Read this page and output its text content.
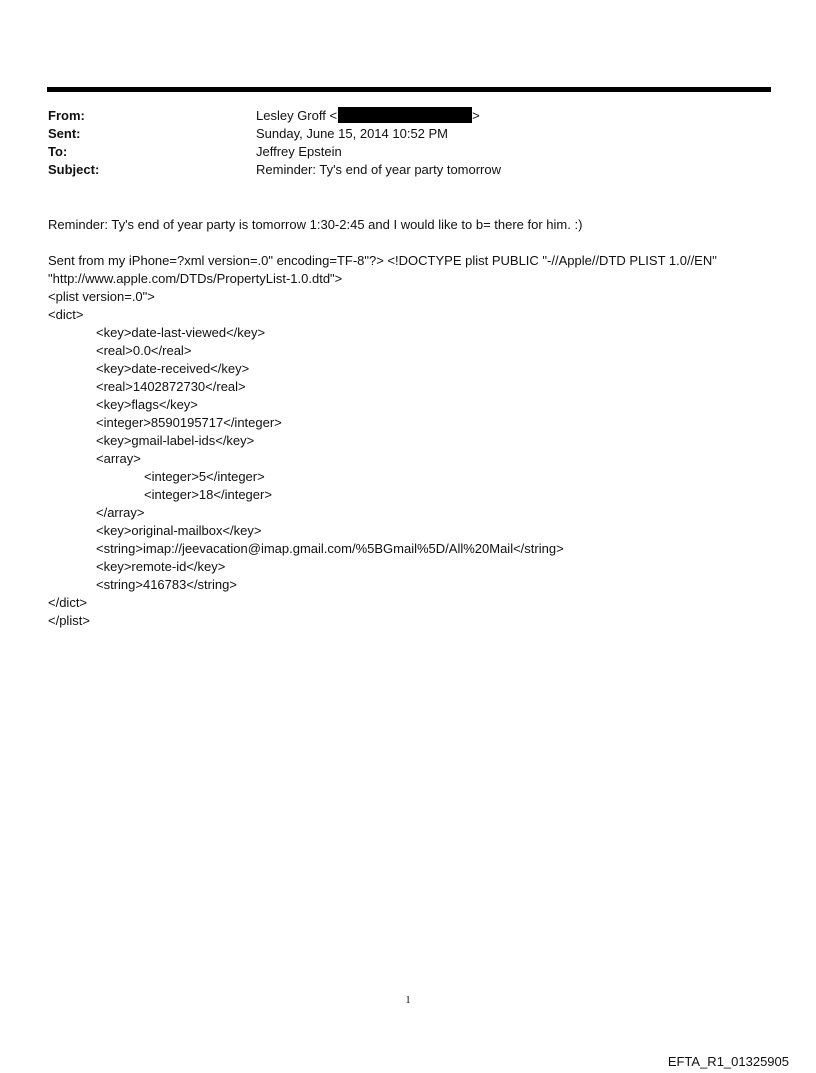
From:	Lesley Groff <	>
Sent:	Sunday, June 15, 2014 10:52 PM
To:	Jeffrey Epstein
Subject:	Reminder: Ty's end of year party tomorrow
Reminder: Ty's end of year party is tomorrow 1:30-2:45 and I would like to b= there for him. :)
Sent from my iPhone=?xml version=.0" encoding=TF-8"?> <!DOCTYPE plist PUBLIC "-//Apple//DTD PLIST 1.0//EN"
"http://www.apple.com/DTDs/PropertyList-1.0.dtd">
<plist version=.0">
<dict>
<key>date-last-viewed</key>
<real>0.0</real>
<key>date-received</key>
<real>1402872730</real>
<key>flags</key>
<integer>8590195717</integer>
<key>gmail-label-ids</key>
<array>
<integer>5</integer>
<integer>18</integer>
</array>
<key>original-mailbox</key>
<string>imap://jeevacation@imap.gmail.com/%5BGmail%5D/All%20Mail</string>
<key>remote-id</key>
<string>416783</string>
</dict>
</plist>
1
EFTA_R1_01325905
